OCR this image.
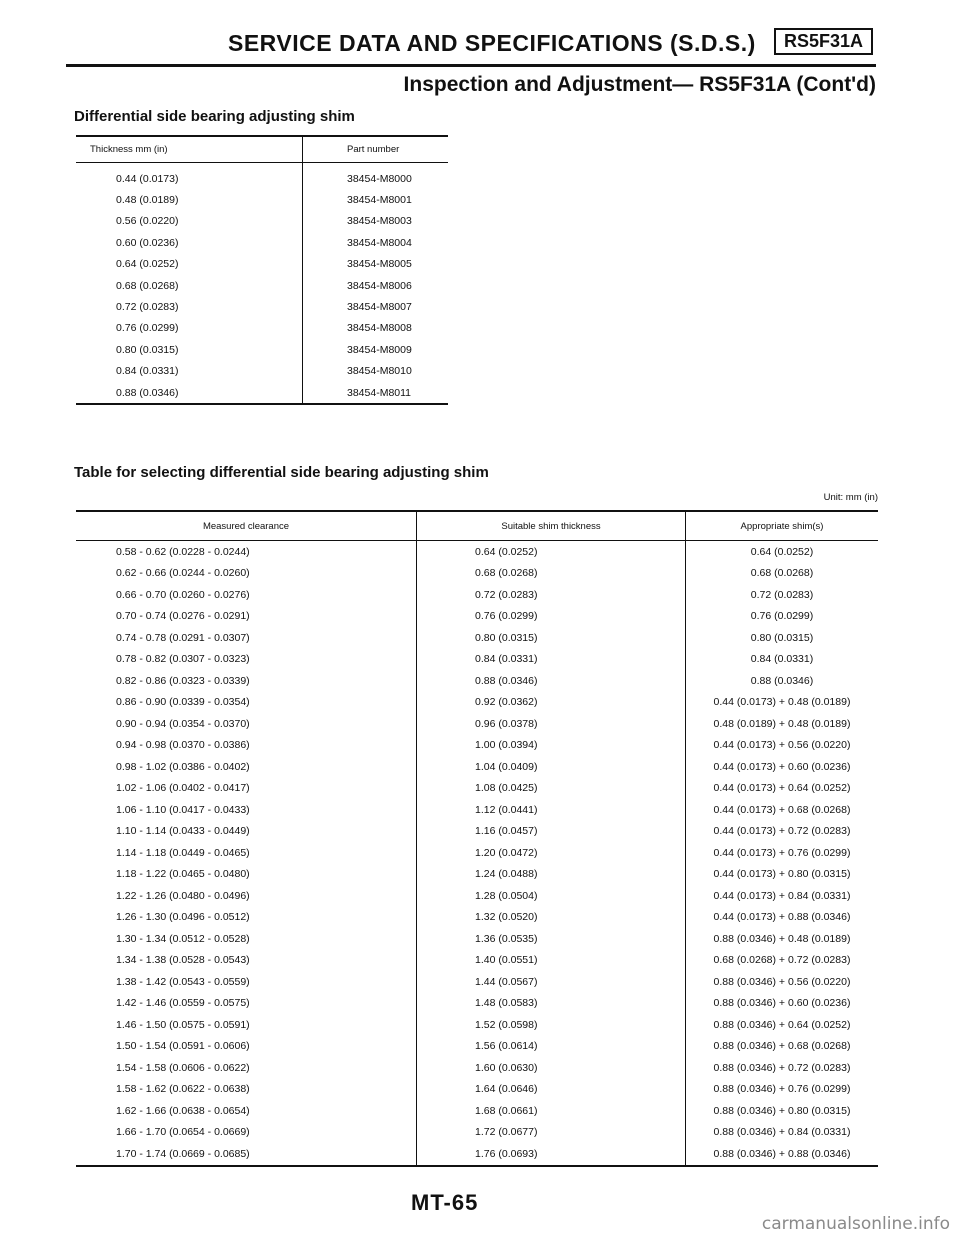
SERVICE DATA AND SPECIFICATIONS (S.D.S.)	RS5F31A
Inspection and Adjustment— RS5F31A (Cont'd)
Differential side bearing adjusting shim
Thickness mm (in)	Part number
0.44 (0.0173)	38454-M8000
0.48 (0.0189)	38454-M8001
0.56 (0.0220)	38454-M8003
0.60 (0.0236)	38454-M8004
0.64 (0.0252)	38454-M8005
0.68 (0.0268)	38454-M8006
0.72 (0.0283)	38454-M8007
0.76 (0.0299)	38454-M8008
0.80 (0.0315)	38454-M8009
0.84 (0.0331)	38454-M8010
0.88 (0.0346)	38454-M8011
Table for selecting differential side bearing adjusting shim
Unit: mm (in)
Measured clearance	Suitable shim thickness	Appropriate shim(s)
0.58 - 0.62 (0.0228 - 0.0244)	0.64 (0.0252)	0.64 (0.0252)
0.62 - 0.66 (0.0244 - 0.0260)	0.68 (0.0268)	0.68 (0.0268)
0.66 - 0.70 (0.0260 - 0.0276)	0.72 (0.0283)	0.72 (0.0283)
0.70 - 0.74 (0.0276 - 0.0291)	0.76 (0.0299)	0.76 (0.0299)
0.74 - 0.78 (0.0291 - 0.0307)	0.80 (0.0315)	0.80 (0.0315)
0.78 - 0.82 (0.0307 - 0.0323)	0.84 (0.0331)	0.84 (0.0331)
0.82 - 0.86 (0.0323 - 0.0339)	0.88 (0.0346)	0.88 (0.0346)
0.86 - 0.90 (0.0339 - 0.0354)	0.92 (0.0362)	0.44 (0.0173) + 0.48 (0.0189)
0.90 - 0.94 (0.0354 - 0.0370)	0.96 (0.0378)	0.48 (0.0189) + 0.48 (0.0189)
0.94 - 0.98 (0.0370 - 0.0386)	1.00 (0.0394)	0.44 (0.0173) + 0.56 (0.0220)
0.98 - 1.02 (0.0386 - 0.0402)	1.04 (0.0409)	0.44 (0.0173) + 0.60 (0.0236)
1.02 - 1.06 (0.0402 - 0.0417)	1.08 (0.0425)	0.44 (0.0173) + 0.64 (0.0252)
1.06 - 1.10 (0.0417 - 0.0433)	1.12 (0.0441)	0.44 (0.0173) + 0.68 (0.0268)
1.10 - 1.14 (0.0433 - 0.0449)	1.16 (0.0457)	0.44 (0.0173) + 0.72 (0.0283)
1.14 - 1.18 (0.0449 - 0.0465)	1.20 (0.0472)	0.44 (0.0173) + 0.76 (0.0299)
1.18 - 1.22 (0.0465 - 0.0480)	1.24 (0.0488)	0.44 (0.0173) + 0.80 (0.0315)
1.22 - 1.26 (0.0480 - 0.0496)	1.28 (0.0504)	0.44 (0.0173) + 0.84 (0.0331)
1.26 - 1.30 (0.0496 - 0.0512)	1.32 (0.0520)	0.44 (0.0173) + 0.88 (0.0346)
1.30 - 1.34 (0.0512 - 0.0528)	1.36 (0.0535)	0.88 (0.0346) + 0.48 (0.0189)
1.34 - 1.38 (0.0528 - 0.0543)	1.40 (0.0551)	0.68 (0.0268) + 0.72 (0.0283)
1.38 - 1.42 (0.0543 - 0.0559)	1.44 (0.0567)	0.88 (0.0346) + 0.56 (0.0220)
1.42 - 1.46 (0.0559 - 0.0575)	1.48 (0.0583)	0.88 (0.0346) + 0.60 (0.0236)
1.46 - 1.50 (0.0575 - 0.0591)	1.52 (0.0598)	0.88 (0.0346) + 0.64 (0.0252)
1.50 - 1.54 (0.0591 - 0.0606)	1.56 (0.0614)	0.88 (0.0346) + 0.68 (0.0268)
1.54 - 1.58 (0.0606 - 0.0622)	1.60 (0.0630)	0.88 (0.0346) + 0.72 (0.0283)
1.58 - 1.62 (0.0622 - 0.0638)	1.64 (0.0646)	0.88 (0.0346) + 0.76 (0.0299)
1.62 - 1.66 (0.0638 - 0.0654)	1.68 (0.0661)	0.88 (0.0346) + 0.80 (0.0315)
1.66 - 1.70 (0.0654 - 0.0669)	1.72 (0.0677)	0.88 (0.0346) + 0.84 (0.0331)
1.70 - 1.74 (0.0669 - 0.0685)	1.76 (0.0693)	0.88 (0.0346) + 0.88 (0.0346)
MT-65
carmanualsonline.info
